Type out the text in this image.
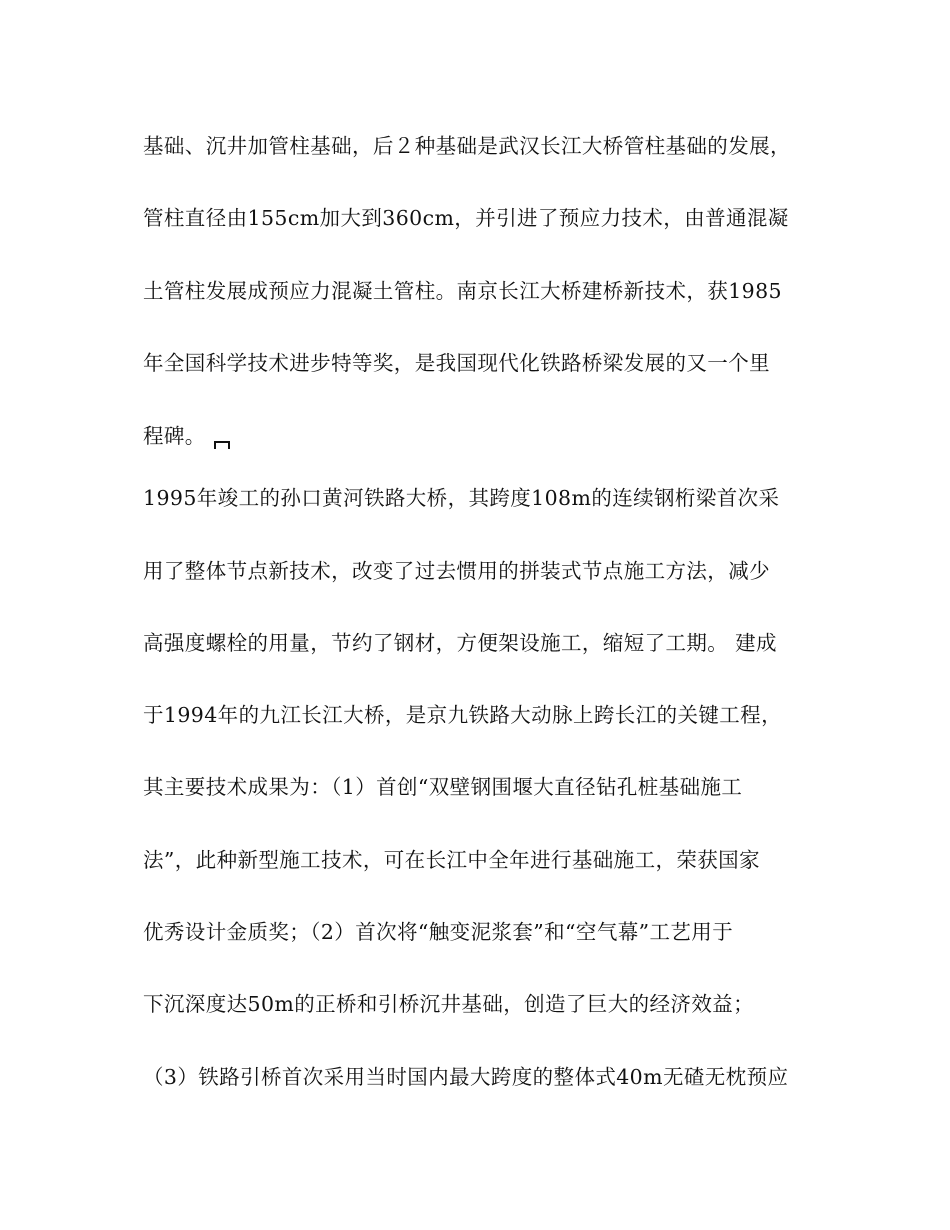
基础、沉井加管柱基础，后２种基础是武汉长江大桥管柱基础的发展，
管柱直径由155cm加大到360cm，并引进了预应力技术，由普通混凝
土管柱发展成预应力混凝土管柱。南京长江大桥建桥新技术，获1985
年全国科学技术进步特等奖，是我国现代化铁路桥梁发展的又一个里
程碑。
1995年竣工的孙口黄河铁路大桥，其跨度108m的连续钢桁梁首次采
用了整体节点新技术，改变了过去惯用的拼装式节点施工方法，减少
高强度螺栓的用量，节约了钢材，方便架设施工，缩短了工期。 建成
于1994年的九江长江大桥，是京九铁路大动脉上跨长江的关键工程，
其主要技术成果为：（1）首创“双壁钢围堰大直径钻孔桩基础施工
法”，此种新型施工技术，可在长江中全年进行基础施工，荣获国家
优秀设计金质奖；（2）首次将“触变泥浆套”和“空气幕”工艺用于
下沉深度达50m的正桥和引桥沉井基础，创造了巨大的经济效益；
（3）铁路引桥首次采用当时国内最大跨度的整体式40m无碴无枕预应
